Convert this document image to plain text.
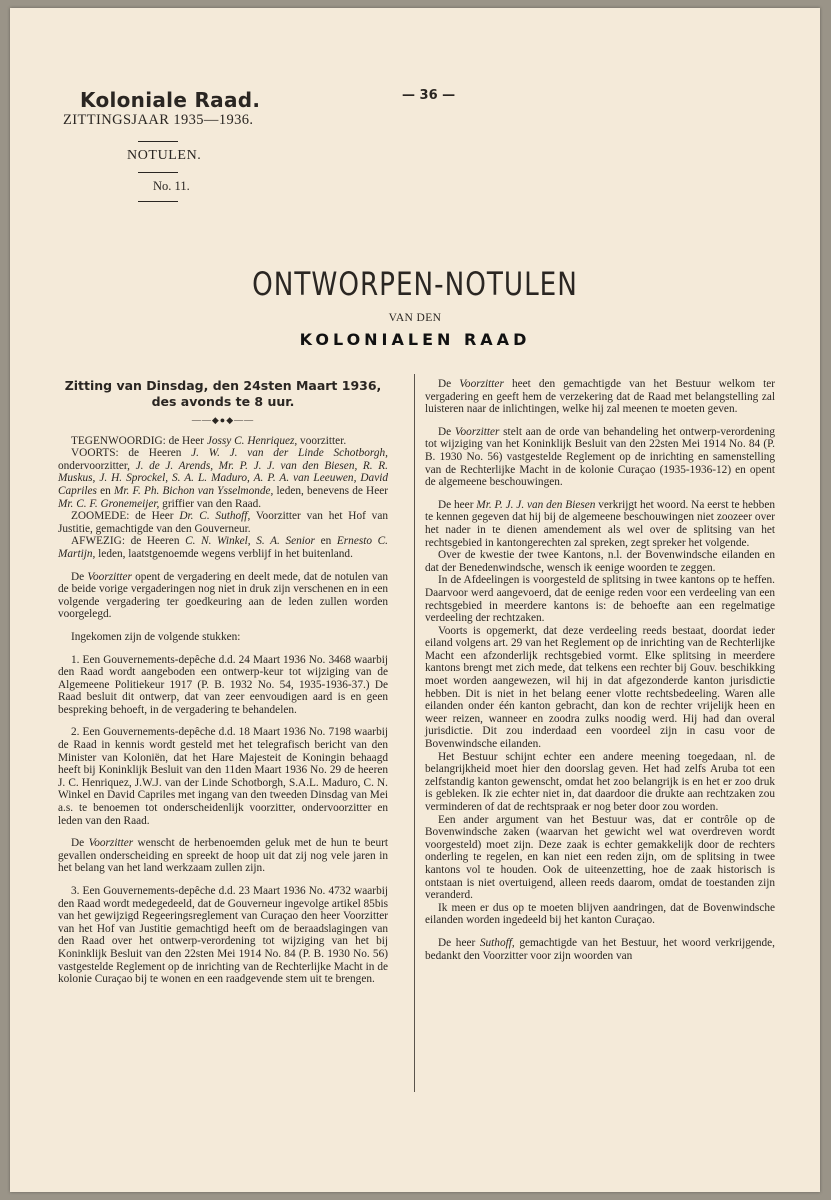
Koloniale Raad.
ZITTINGSJAAR 1935—1936.
— 36 —
NOTULEN.
No. 11.
ONTWORPEN-NOTULEN
VAN DEN
KOLONIALEN RAAD
Zitting van Dinsdag, den 24sten Maart 1936, des avonds te 8 uur.
——◆●◆——

TEGENWOORDIG: de Heer Jossy C. Henriquez, voorzitter.

VOORTS: de Heeren J. W. J. van der Linde Schotborgh, ondervoorzitter, J. de J. Arends, Mr. P. J. J. van den Biesen, R. R. Muskus, J. H. Sprockel, S. A. L. Maduro, A. P. A. van Leeuwen, David Capriles en Mr. F. Ph. Bichon van Ysselmonde, leden, benevens de Heer Mr. C. F. Gronemeijer, griffier van den Raad.

ZOOMEDE: de Heer Dr. C. Suthoff, Voorzitter van het Hof van Justitie, gemachtigde van den Gouverneur.

AFWEZIG: de Heeren C. N. Winkel, S. A. Senior en Ernesto C. Martijn, leden, laatstgenoemde wegens verblijf in het buitenland.

De Voorzitter opent de vergadering en deelt mede, dat de notulen van de beide vorige vergaderingen nog niet in druk zijn verschenen en in een volgende vergadering ter goedkeuring aan de leden zullen worden voorgelegd.

Ingekomen zijn de volgende stukken:

1. Een Gouvernements-depêche d.d. 24 Maart 1936 No. 3468 waarbij den Raad wordt aangeboden een ontwerp-keur tot wijziging van de Algemeene Politiekeur 1917 (P. B. 1932 No. 54, 1935-1936-37.) De Raad besluit dit ontwerp, dat van zeer eenvoudigen aard is en geen bespreking behoeft, in de vergadering te behandelen.

2. Een Gouvernements-depêche d.d. 18 Maart 1936 No. 7198 waarbij de Raad in kennis wordt gesteld met het telegrafisch bericht van den Minister van Koloniën, dat het Hare Majesteit de Koningin behaagd heeft bij Koninklijk Besluit van den 11den Maart 1936 No. 29 de heeren J. C. Henriquez, J.W.J. van der Linde Schotborgh, S.A.L. Maduro, C. N. Winkel en David Capriles met ingang van den tweeden Dinsdag van Mei a.s. te benoemen tot onderscheidenlijk voorzitter, ondervoorzitter en leden van den Raad.

De Voorzitter wenscht de herbenoemden geluk met de hun te beurt gevallen onderscheiding en spreekt de hoop uit dat zij nog vele jaren in het belang van het land werkzaam zullen zijn.

3. Een Gouvernements-depêche d.d. 23 Maart 1936 No. 4732 waarbij den Raad wordt medegedeeld, dat de Gouverneur ingevolge artikel 85bis van het gewijzigd Regeeringsreglement van Curaçao den heer Voorzitter van het Hof van Justitie gemachtigd heeft om de beraadslagingen van den Raad over het ontwerp-verordening tot wijziging van het bij Koninklijk Besluit van den 22sten Mei 1914 No. 84 (P. B. 1930 No. 56) vastgestelde Reglement op de inrichting van de Rechterlijke Macht in de kolonie Curaçao bij te wonen en een raadgevende stem uit te brengen.

De Voorzitter heet den gemachtigde van het Bestuur welkom ter vergadering en geeft hem de verzekering dat de Raad met belangstelling zal luisteren naar de inlichtingen, welke hij zal meenen te moeten geven.

De Voorzitter stelt aan de orde van behandeling het ontwerp-verordening tot wijziging van het Koninklijk Besluit van den 22sten Mei 1914 No. 84 (P. B. 1930 No. 56) vastgestelde Reglement op de inrichting en samenstelling van de Rechterlijke Macht in de kolonie Curaçao (1935-1936-12) en opent de algemeene beschouwingen.

De heer Mr. P. J. J. van den Biesen verkrijgt het woord. Na eerst te hebben te kennen gegeven dat hij bij de algemeene beschouwingen niet zoozeer over het nader in te dienen amendement als wel over de splitsing van het rechtsgebied in kantongerechten zal spreken, zegt spreker het volgende.

Over de kwestie der twee Kantons, n.l. der Bovenwindsche eilanden en dat der Benedenwindsche, wensch ik eenige woorden te zeggen.

In de Afdeelingen is voorgesteld de splitsing in twee kantons op te heffen. Daarvoor werd aangevoerd, dat de eenige reden voor een verdeeling van een rechtsgebied in meerdere kantons is: de behoefte aan een regelmatige verdeeling der rechtzaken.

Voorts is opgemerkt, dat deze verdeeling reeds bestaat, doordat ieder eiland volgens art. 29 van het Reglement op de inrichting van de Rechterlijke Macht een afzonderlijk rechtsgebied vormt. Elke splitsing in meerdere kantons brengt met zich mede, dat telkens een rechter bij Gouv. beschikking moet worden aangewezen, wil hij in dat afgezonderde kanton jurisdictie hebben. Dit is niet in het belang eener vlotte rechtsbedeeling. Waren alle eilanden onder één kanton gebracht, dan kon de rechter vrijelijk heen en weer reizen, wanneer en zoodra zulks noodig werd. Hij had dan overal jurisdictie. Dit zou inderdaad een voordeel zijn in casu voor de Bovenwindsche eilanden.

Het Bestuur schijnt echter een andere meening toegedaan, nl. de belangrijkheid moet hier den doorslag geven. Het had zelfs Aruba tot een zelfstandig kanton gewenscht, omdat het zoo belangrijk is en het er zoo druk is gebleken. Ik zie echter niet in, dat daardoor die drukte aan rechtzaken zou verminderen of dat de rechtspraak er nog beter door zou worden.

Een ander argument van het Bestuur was, dat er contrôle op de Bovenwindsche zaken (waarvan het gewicht wel wat overdreven wordt voorgesteld) moet zijn. Deze zaak is echter gemakkelijk door de rechters onderling te regelen, en kan niet een reden zijn, om de splitsing in twee kantons vol te houden. Ook de uiteenzetting, hoe de zaak historisch is ontstaan is niet overtuigend, alleen reeds daarom, omdat de toestanden zijn veranderd.

Ik meen er dus op te moeten blijven aandringen, dat de Bovenwindsche eilanden worden ingedeeld bij het kanton Curaçao.

De heer Suthoff, gemachtigde van het Bestuur, het woord verkrijgende, bedankt den Voorzitter voor zijn woorden van
